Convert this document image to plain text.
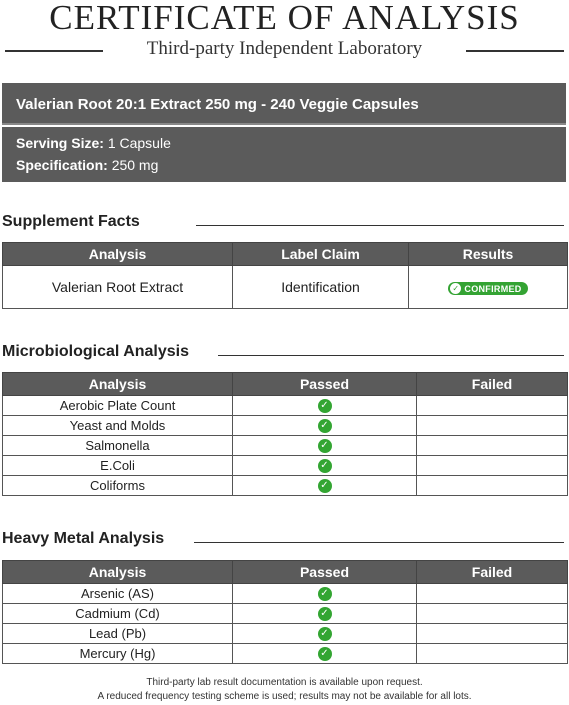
CERTIFICATE OF ANALYSIS
Third-party Independent Laboratory
Valerian Root 20:1 Extract 250 mg - 240 Veggie Capsules
Serving Size: 1 Capsule
Specification: 250 mg
Supplement Facts
Analysis	Label Claim	Results
Valerian Root Extract	Identification	✓ CONFIRMED
Microbiological Analysis
Analysis	Passed	Failed
Aerobic Plate Count	✓	
Yeast and Molds	✓	
Salmonella	✓	
E.Coli	✓	
Coliforms	✓	
Heavy Metal Analysis
Analysis	Passed	Failed
Arsenic (AS)	✓	
Cadmium (Cd)	✓	
Lead (Pb)	✓	
Mercury (Hg)	✓	
Third-party lab result documentation is available upon request.
A reduced frequency testing scheme is used; results may not be available for all lots.
